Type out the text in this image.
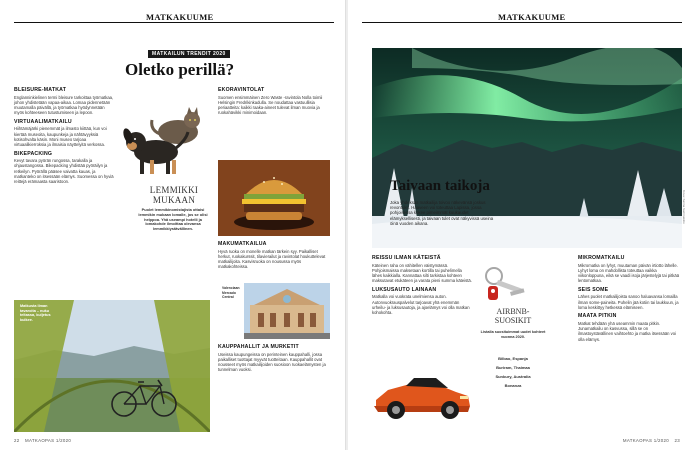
MATKAKUUME
MATKAILUN TRENDIT 2020
Oletko perillä?
BLEISURE-MATKAT

Englanninkielinen termi bleisure tarkoittaa työmatkaa, johon yhdistetään vapaa-aikaa. Lomaa pidennetään muutamalla päivällä, ja työmatkaa hyödynnetään myös kohteeseen tutustumiseen ja lepoon.

VIRTUAALIMATKAILU

Hiihtämäjärki pienemmät ja ilmasto kiittää, kun voi kiertää museoita, kaupunkeja ja nähtävyyksiä kotisohvalta käsin. Moni museo tarjoaa virtuaalikierroksia ja ilmaisia näyttelyitä verkossa.

BIKEPACKING

Kevyt tavara pyörän rungossa, tarakalla ja ohjaustangossa. Bikepacking yhdistää pyöräilyn ja retkeilyn. Pyörällä pääsee vaivatta kauas, ja matkanteko on itsessään elämys. Suomessa on hyviä reittejä erämaasta saaristoon.

LEMMIKKI MUKAAN
Puolet lemmikinomistajista ottaisi lemmikin mukaan lomalle, jos se olisi helppoa. Yhä useampi hotelli ja lomakohde ilmoittaa olevansa lemmikkiystävällinen.
Matkusta ilman tavaroita – nuku teltassa, kuljetus kulkee.
EKORAVINTOLAT

Suomen ensimmäinen Zero Waste -ravintola Nolla toimii Helsingin Fredrikinkadulla. Se noudattaa vastuullisia periaatteita: kaikki raaka-aineet tulevat ilman muovia ja ruokahävikki minimoidaan.

MAKUMATKAILUA

Hyvä ruoka on monelle matkan tärkein syy. Paikalliset herkut, ruokakurssit, tilavierailut ja ravintolat houkuttelevat matkailijoita. Kasvisruoka on nousussa myös matkakohteissa.

Valenciaan Mercado Central
KAUPPAHALLIT JA MURKETIT

Useissa kaupungeissa on perinteinen kauppahalli, jossa paikalliset tuottajat myyvät tuotteitaan. Kauppahallit ovat nousseet myös matkailijoiden suosioon ruokaelämysten ja tunnelman vuoksi.

22 MATKAOPAS 1/2020
MATKAKUUME
Taivaan taikoja
Joka yhdeksäs matkailija toivoo näkevänsä joskus revontulet. Haaveen voi toteuttaa Lapissa, jossa pohjoisessa kokee pimeimmät kuukaudet elämyksellisesti, ja taivaan tulet ovat näkyvissä useina öinä vuoden aikana.	Kuva: Sanna Sammakkio
REISSU ILMAN KÄTEISTÄ

Käteinen raha on vähitellen väistymässä. Pohjoismaissa maksetaan kortilla tai puhelimella lähes kaikkialla. Kannattaa silti tarkistaa kohteen maksutavat etukäteen ja varata pieni summa käteistä.

LUKSUSAUTO LAINAAN

Matkalla voi vuokrata unelmiensa auton. Autonvuokrauspalvelut tarjoavat yhä enemmän urheilu- ja luksusautoja, ja ajoelämys voi olla matkan kohokohta.	AIRBNB-SUOSIKIT
Listalla suosituimmat uudet kohteet vuonna 2020.
Bilbao, Espanja
Buriram, Thaimaa
Sunbury, Australia
Bonanza
MIKROMATKAILU

Mikromatka on lyhyt, muutaman päivän irtiotto lähelle. Lyhyt loma on mahdollista toteuttaa vaikka viikonloppuna, eikä se vaadi isoja järjestelyjä tai pitkää lentomatkaa.

SEIS SOME

Lähes puolet matkailijoista sanoo haluavansa lomailla ilman some-paineita. Puhelin jää kotiin tai laukkuun, ja loma keskittyy hetkessä elämiseen.

MAATA PITKIN

Matkat tehdään yhä useammin maata pitkin. Junamatkailu on kasvussa, sillä se on ilmastoystävällinen vaihtoehto ja matka itsessään voi olla elämys.

MATKAOPAS 1/2020 23
